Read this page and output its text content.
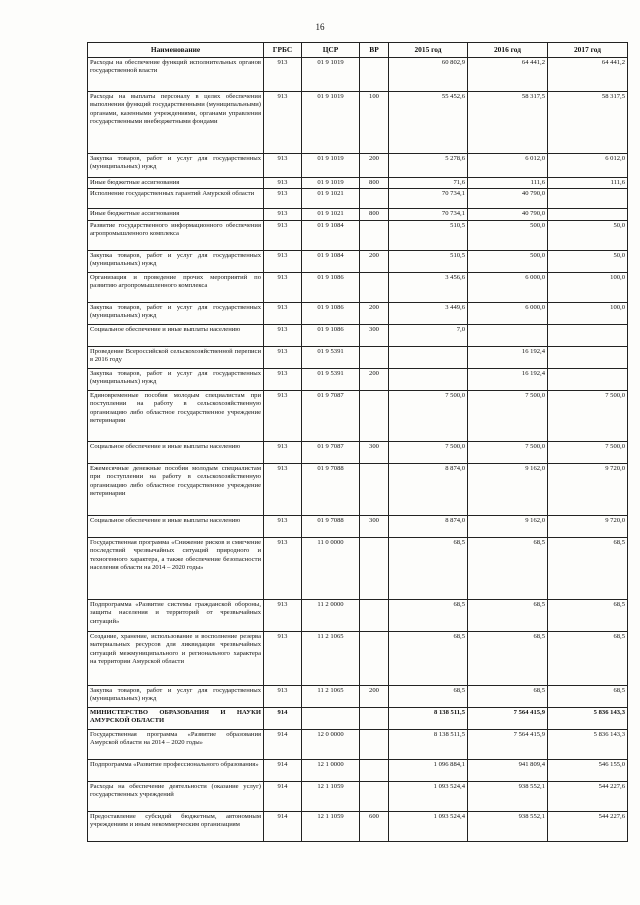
16
Наименование	ГРБС	ЦСР	ВР	2015 год	2016 год	2017 год
Расходы на обеспечение функций исполнительных органов государственной власти	913	01 9 1019		60 802,9	64 441,2	64 441,2
Расходы на выплаты персоналу в целях обеспечения выполнения функций государственными (муниципальными) органами, казенными учреждениями, органами управления государственными внебюджетными фондами	913	01 9 1019	100	55 452,6	58 317,5	58 317,5
Закупка товаров, работ и услуг для государственных (муниципальных) нужд	913	01 9 1019	200	5 278,6	6 012,0	6 012,0
Иные бюджетные ассигнования	913	01 9 1019	800	71,6	111,6	111,6
Исполнение государственных гарантий Амурской области	913	01 9 1021		70 734,1	40 790,0	
Иные бюджетные ассигнования	913	01 9 1021	800	70 734,1	40 790,0	
Развитие государственного информационного обеспечения агропромышленного комплекса	913	01 9 1084		510,5	500,0	50,0
Закупка товаров, работ и услуг для государственных (муниципальных) нужд	913	01 9 1084	200	510,5	500,0	50,0
Организация и проведение прочих мероприятий по развитию агропромышленного комплекса	913	01 9 1086		3 456,6	6 000,0	100,0
Закупка товаров, работ и услуг для государственных (муниципальных) нужд	913	01 9 1086	200	3 449,6	6 000,0	100,0
Социальное обеспечение и иные выплаты населению	913	01 9 1086	300	7,0		
Проведение Всероссийской сельскохозяйственной переписи в 2016 году	913	01 9 5391			16 192,4	
Закупка товаров, работ и услуг для государственных (муниципальных) нужд	913	01 9 5391	200		16 192,4	
Единовременные пособия молодым специалистам при поступлении на работу в сельскохозяйственную организацию либо областное государственное учреждение ветеринарии	913	01 9 7087		7 500,0	7 500,0	7 500,0
Социальное обеспечение и иные выплаты населению	913	01 9 7087	300	7 500,0	7 500,0	7 500,0
Ежемесячные денежные пособия молодым специалистам при поступлении на работу в сельскохозяйственную организацию либо областное государственное учреждение ветеринарии	913	01 9 7088		8 874,0	9 162,0	9 720,0
Социальное обеспечение и иные выплаты населению	913	01 9 7088	300	8 874,0	9 162,0	9 720,0
Государственная программа «Снижение рисков и смягчение последствий чрезвычайных ситуаций природного и техногенного характера, а также обеспечение безопасности населения области на 2014 – 2020 годы»	913	11 0 0000		68,5	68,5	68,5
Подпрограмма «Развитие системы гражданской обороны, защиты населения и территорий от чрезвычайных ситуаций»	913	11 2 0000		68,5	68,5	68,5
Создание, хранение, использование и восполнение резерва материальных ресурсов для ликвидации чрезвычайных ситуаций межмуниципального и регионального характера на территории Амурской области	913	11 2 1065		68,5	68,5	68,5
Закупка товаров, работ и услуг для государственных (муниципальных) нужд	913	11 2 1065	200	68,5	68,5	68,5
МИНИСТЕРСТВО ОБРАЗОВАНИЯ И НАУКИ АМУРСКОЙ ОБЛАСТИ	914			8 138 511,5	7 564 415,9	5 836 143,3
Государственная программа «Развитие образования Амурской области на 2014 – 2020 годы»	914	12 0 0000		8 138 511,5	7 564 415,9	5 836 143,3
Подпрограмма «Развитие профессионального образования»	914	12 1 0000		1 096 884,1	941 809,4	546 155,0
Расходы на обеспечение деятельности (оказание услуг) государственных учреждений	914	12 1 1059		1 093 524,4	938 552,1	544 227,6
Предоставление субсидий бюджетным, автономным учреждениям и иным некоммерческим организациям	914	12 1 1059	600	1 093 524,4	938 552,1	544 227,6
